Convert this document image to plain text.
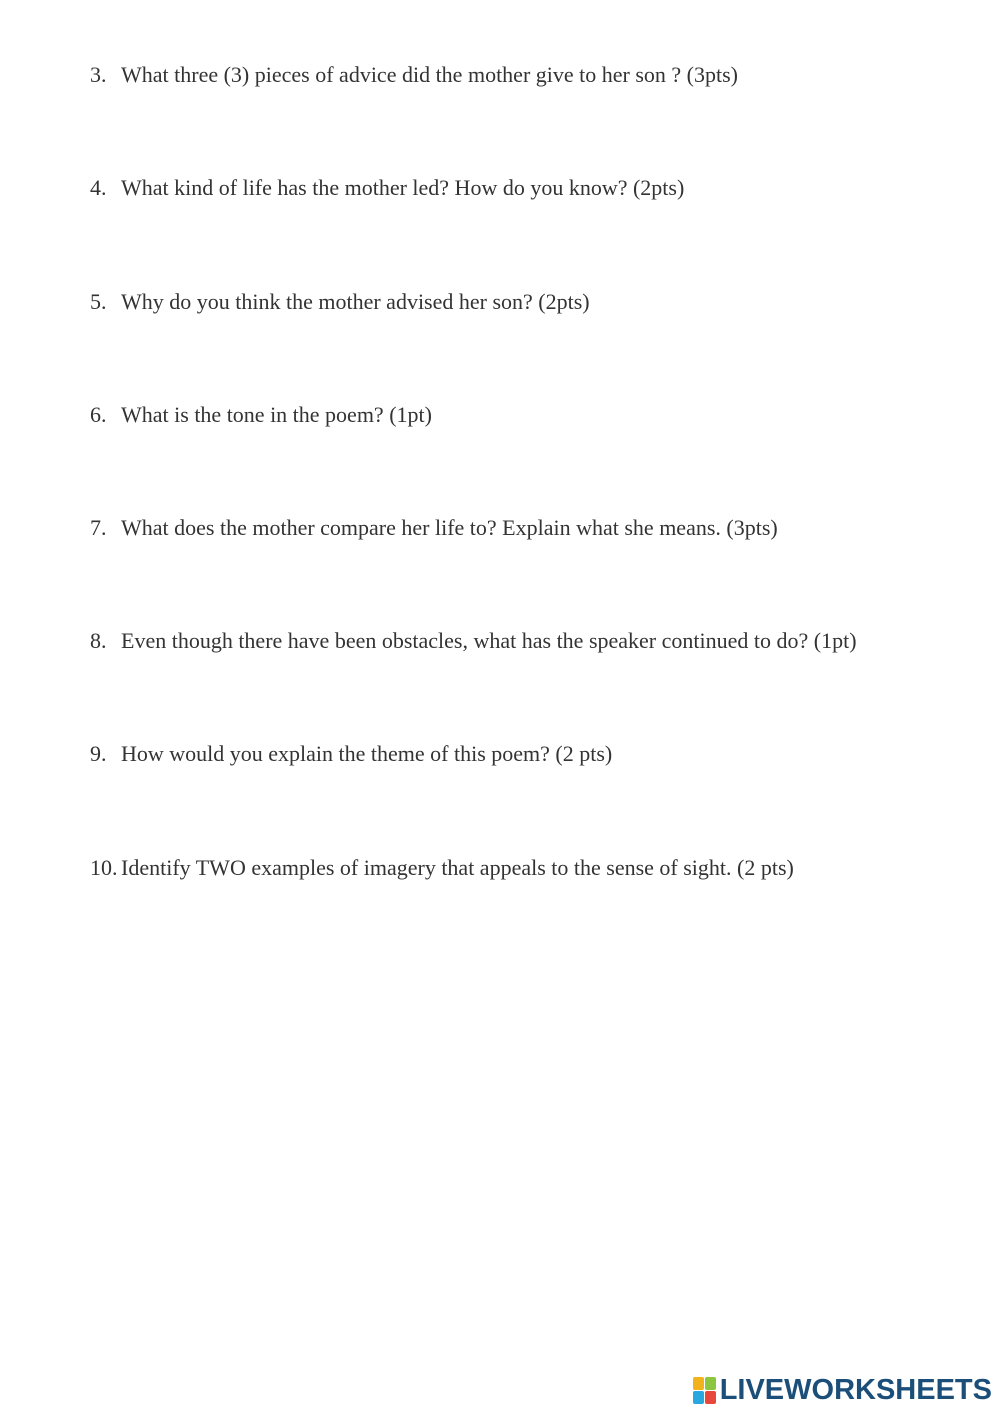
3. What three (3) pieces of advice did the mother give to her son ? (3pts)
4. What kind of life has the mother led? How do you know? (2pts)
5. Why do you think the mother advised her son? (2pts)
6. What is the tone in the poem? (1pt)
7. What does the mother compare her life to? Explain what she means. (3pts)
8. Even though there have been obstacles, what has the speaker continued to do? (1pt)
9. How would you explain the theme of this poem? (2 pts)
10. Identify TWO examples of imagery that appeals to the sense of sight. (2 pts)
LIVEWORKSHEETS
